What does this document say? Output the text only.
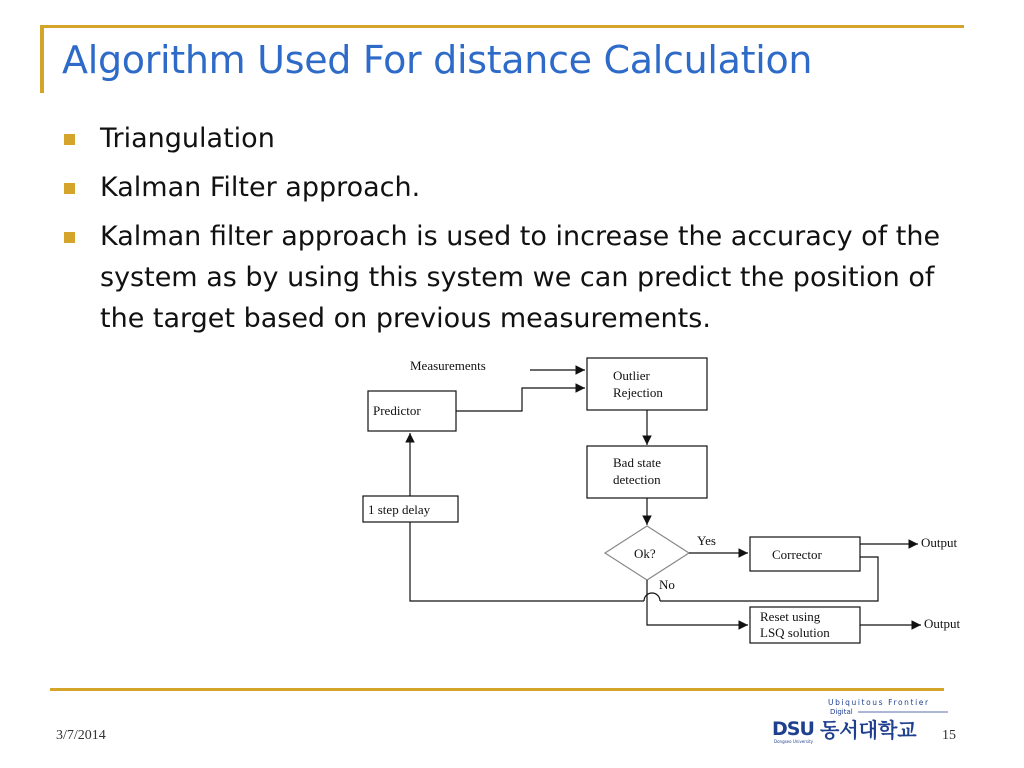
Algorithm Used For distance Calculation
Triangulation
Kalman Filter approach.
Kalman filter approach is used to increase the accuracy of the system as by using this system we can predict the position of the target based on previous measurements.
Measurements
Outlier
Rejection
Predictor
Bad state
detection
Ok?
Yes
Corrector
Output
1 step delay
No
Reset using
LSQ solution
Output
3/7/2014
Ubiquitous Frontier
Digital
DSU
Dongseo University 동서대학교 15
